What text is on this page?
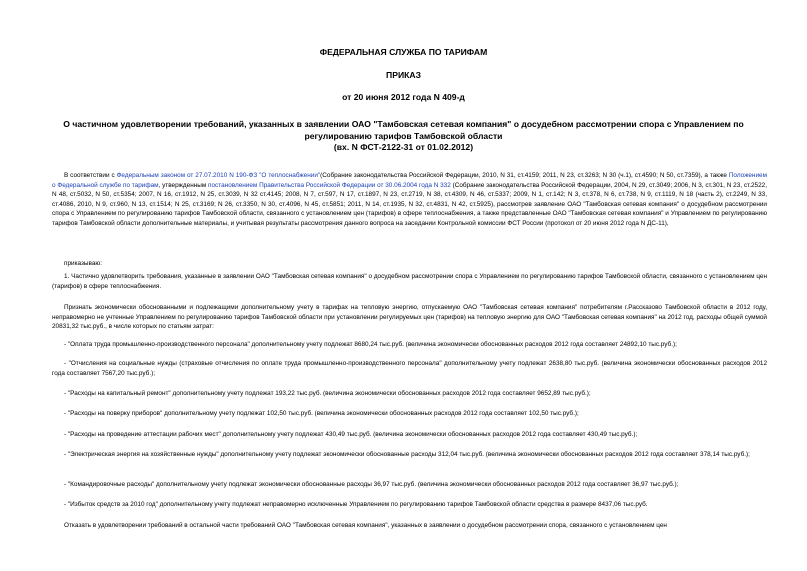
ФЕДЕРАЛЬНАЯ СЛУЖБА ПО ТАРИФАМ
ПРИКАЗ
от 20 июня 2012 года N 409-д
О частичном удовлетворении требований, указанных в заявлении ОАО "Тамбовская сетевая компания" о досудебном рассмотрении спора с Управлением по
регулированию тарифов Тамбовской области
(вх. N ФСТ-2122-31 от 01.02.2012)
В соответствии с Федеральным законом от 27.07.2010 N 190-ФЗ "О теплоснабжении"(Собрание законодательства Российской Федерации, 2010, N 31, ст.4159; 2011, N 23, ст.3263; N 30 (ч.1), ст.4590; N 50, ст.7359), а также Положением о Федеральной службе по тарифам, утвержденным постановлением Правительства Российской Федерации от 30.06.2004 года N 332 (Собрание законодательства Российской Федерации, 2004, N 29, ст.3049; 2006, N 3, ст.301, N 23, ст.2522, N 48, ст.5032, N 50, ст.5354; 2007, N 16, ст.1912, N 25, ст.3039, N 32 ст.4145; 2008, N 7, ст.597, N 17, ст.1897, N 23, ст.2719, N 38, ст.4309, N 46, ст.5337; 2009, N 1, ст.142; N 3, ст.378, N 6, ст.738, N 9, ст.1119, N 18 (часть 2), ст.2249, N 33, ст.4086, 2010, N 9, ст.960, N 13, ст.1514; N 25, ст.3169; N 26, ст.3350, N 30, ст.4096, N 45, ст.5851; 2011, N 14, ст.1935, N 32, ст.4831, N 42, ст.5925), рассмотрев заявление ОАО "Тамбовская сетевая компания" о досудебном рассмотрении спора с Управлением по регулированию тарифов Тамбовской области, связанного с установлением цен (тарифов) в сфере теплоснабжения, а также представленные ОАО "Тамбовская сетевая компания" и Управлением по регулированию тарифов Тамбовской области дополнительные материалы, и учитывая результаты рассмотрения данного вопроса на заседании Контрольной комиссии ФСТ России (протокол от 20 июня 2012 года N ДС-11),
приказываю:
1. Частично удовлетворить требования, указанные в заявлении ОАО "Тамбовская сетевая компания" о досудебном рассмотрении спора с Управлением по регулированию тарифов Тамбовской области, связанного с установлением цен (тарифов) в сфере теплоснабжения.
Признать экономически обоснованными и подлежащими дополнительному учету в тарифах на тепловую энергию, отпускаемую ОАО "Тамбовская сетевая компания" потребителям г.Рассказово Тамбовской области в 2012 году, неправомерно не учтенные Управлением по регулированию тарифов Тамбовской области при установлении регулируемых цен (тарифов) на тепловую энергию для ОАО "Тамбовская сетевая компания" на 2012 год, расходы общей суммой 20831,32 тыс.руб., в числе которых по статьям затрат:
- "Оплата труда промышленно-производственного персонала" дополнительному учету подлежат 8680,24 тыс.руб. (величина экономически обоснованных расходов 2012 года составляет 24892,10 тыс.руб.);
- "Отчисления на социальные нужды (страховые отчисления по оплате труда промышленно-производственного персонала" дополнительному учету подлежат 2638,80 тыс.руб. (величина экономически обоснованных расходов 2012 года составляет 7567,20 тыс.руб.);
- "Расходы на капитальный ремонт" дополнительному учету подлежат 193,22 тыс.руб. (величина экономически обоснованных расходов 2012 года составляет 9652,89 тыс.руб.);
- "Расходы на поверку приборов" дополнительному учету подлежат 102,50 тыс.руб. (величина экономически обоснованных расходов 2012 года составляет 102,50 тыс.руб.);
- "Расходы на проведение аттестации рабочих мест" дополнительному учету подлежат 430,49 тыс.руб. (величина экономически обоснованных расходов 2012 года составляет 430,49 тыс.руб.);
- "Электрическая энергия на хозяйственные нужды" дополнительному учету подлежат экономически обоснованные расходы 312,04 тыс.руб. (величина экономически обоснованных расходов 2012 года составляет 378,14 тыс.руб.);
- "Командировочные расходы" дополнительному учету подлежат экономически обоснованные расходы 36,97 тыс.руб. (величина экономически обоснованных расходов 2012 года составляет 36,97 тыс.руб.);
- "Избыток средств за 2010 год" дополнительному учету подлежат неправомерно исключенные Управлением по регулированию тарифов Тамбовской области средства в размере 8437,06 тыс.руб.
Отказать в удовлетворении требований в остальной части требований ОАО "Тамбовская сетевая компания", указанных в заявлении о досудебном рассмотрении спора, связанного с установлением цен
